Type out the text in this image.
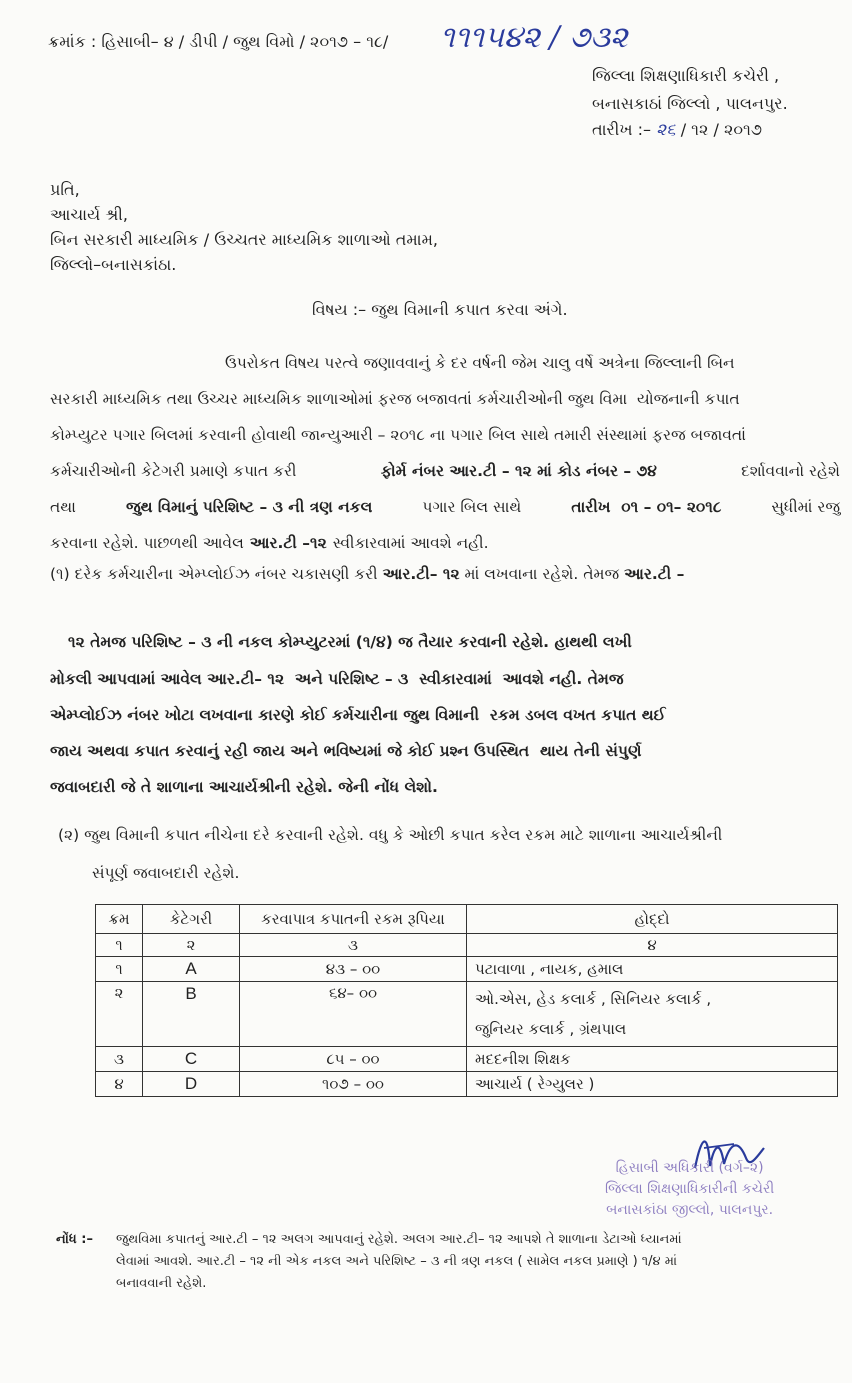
ક્રમાંક : હિસાબી– ૪ / ડીપી / જુથ વિમો / ૨૦૧૭ – ૧૮/ ૧૧૧૫૪૨ / ૭૩૨
જિલ્લા શિક્ષણાધિકારી કચેરી ,
બનાસકાઠાં જિલ્લો , પાલનપુર.
તારીખ :– ૨૬ / ૧૨ / ૨૦૧૭
પ્રતિ,
આચાર્ય શ્રી,
બિન સરકારી માધ્યમિક / ઉચ્ચતર માધ્યમિક શાળાઓ તમામ,
જિલ્લો–બનાસકાંઠા.
વિષય :– જુથ વિમાની કપાત કરવા અંગે.
ઉપરોકત વિષય પરત્વે જણાવવાનું કે દર વર્ષની જેમ ચાલુ વર્ષે અત્રેના જિલ્લાની બિન
સરકારી માધ્યમિક તથા ઉચ્ચર માધ્યમિક શાળાઓમાં ફરજ બજાવતાં કર્મચારીઓની જુથ વિમા  યોજનાની કપાત
કોમ્પ્યુટર પગાર બિલમાં કરવાની હોવાથી જાન્યુઆરી – ૨૦૧૮ ના પગાર બિલ સાથે તમારી સંસ્થામાં ફરજ બજાવતાં
કર્મચારીઓની કેટેગરી પ્રમાણે કપાત કરી	ફોર્મ નંબર આર.ટી – ૧૨ માં કોડ નંબર – ૭૪	દર્શાવવાનો રહેશે
તથા	જુથ વિમાનું પરિશિષ્ટ – ૩ ની ત્રણ નકલ	પગાર બિલ સાથે	તારીખ  ૦૧ – ૦૧– ૨૦૧૮	સુધીમાં રજુ
કરવાના રહેશે. પાછળથી આવેલ આર.ટી –૧૨ સ્વીકારવામાં આવશે નહી.
(૧) દરેક કર્મચારીના એમ્પ્લોઈઝ નંબર ચકાસણી કરી આર.ટી– ૧૨ માં લખવાના રહેશે. તેમજ આર.ટી –
૧૨ તેમજ પરિશિષ્ટ – ૩ ની નકલ કોમ્પ્યુટરમાં (૧/૪) જ તૈયાર કરવાની રહેશે. હાથથી લખી
મોકલી આપવામાં આવેલ આર.ટી– ૧૨  અને પરિશિષ્ટ – ૩  સ્વીકારવામાં  આવશે નહી. તેમજ
એમ્પ્લોઈઝ નંબર ખોટા લખવાના કારણે કોઈ કર્મચારીના જુથ વિમાની  રકમ ડબલ વખત કપાત થઈ
જાય અથવા કપાત કરવાનું રહી જાય અને ભવિષ્યમાં જે કોઈ પ્રશ્ન ઉપસ્થિત  થાય તેની સંપુર્ણ
જવાબદારી જે તે શાળાના આચાર્યશ્રીની રહેશે. જેની નોંધ લેશો.
(૨) જુથ વિમાની કપાત નીચેના દરે કરવાની રહેશે. વધુ કે ઓછી કપાત કરેલ રકમ માટે શાળાના આચાર્યશ્રીની
સંપૂર્ણ જવાબદારી રહેશે.
ક્રમ	કેટેગરી	કરવાપાત્ર કપાતની રકમ રૂપિયા	હોદ્દો
૧	૨	૩	૪
૧	A	૪૩ – ૦૦	પટાવાળા , નાયક, હમાલ
૨	B	૬૪– ૦૦	ઓ.એસ, હેડ કલાર્ક , સિનિયર કલાર્ક ,
જુનિયર કલાર્ક , ગ્રંથપાલ

૩	C	૮૫ – ૦૦	મદદનીશ શિક્ષક
૪	D	૧૦૭ – ૦૦	આચાર્ય ( રેગ્યુલર )
હિસાબી અધિકારી (વર્ગ–૨)
જિલ્લા શિક્ષણાધિકારીની કચેરી
બનાસકાંઠા જીલ્લો, પાલનપુર.
નોંધ :– જુથવિમા કપાતનું આર.ટી – ૧૨ અલગ આપવાનું રહેશે. અલગ આર.ટી– ૧૨ આપશે તે શાળાના ડેટાઓ ધ્યાનમાં
લેવામાં આવશે. આર.ટી – ૧૨ ની એક નકલ અને પરિશિષ્ટ – ૩ ની ત્રણ નકલ ( સામેલ નકલ પ્રમાણે ) ૧/૪ માં
બનાવવાની રહેશે.
